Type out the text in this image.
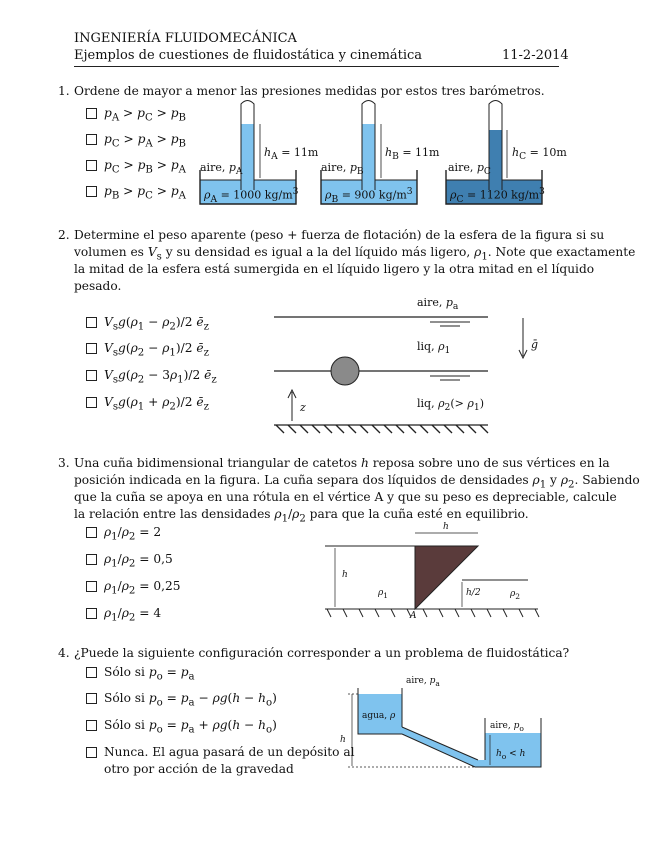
INGENIERÍA FLUIDOMECÁNICA
Ejemplos de cuestiones de fluidostática y cinemática	11-2-2014
1. Ordene de mayor a menor las presiones medidas por estos tres barómetros.
$p_A > p_C > p_B$
$p_C > p_A > p_B$
$p_C > p_B > p_A$
$p_B > p_C > p_A$
aire, $p_A$
$h_A = 11m$
$\rho_A = 1000$ $kg/m^3$
aire, $p_B$
$h_B = 11m$
$\rho_B = 900$ $kg/m^3$
aire, $p_C$
$h_C = 10m$
$\rho_C = 1120$ $kg/m^3$
2. Determine el peso aparente (peso + fuerza de flotación) de la esfera de la figura si su
volumen es $V_s$ y su densidad es igual a la del líquido más ligero, $\rho_1$. Note que exactamente
la mitad de la esfera está sumergida en el líquido ligero y la otra mitad en el líquido
pesado.
$V_sg(\rho_1 - \rho_2)/2$ $ē_z$
$V_sg(\rho_2 - \rho_1)/2$ $ē_z$
$V_sg(\rho_2 - 3\rho_1)/2$ $ē_z$
$V_sg(\rho_1 + \rho_2)/2$ $ē_z$
aire, $p_a$
liq, $\rho_1$
liq, $\rho_2(> \rho_1)$
ḡ
z
3. Una cuña bidimensional triangular de catetos h reposa sobre uno de sus vértices en la
posición indicada en la figura. La cuña separa dos líquidos de densidades $\rho_1$ y $\rho_2$. Sabiendo
que la cuña se apoya en una rótula en el vértice A y que su peso es depreciable, calcule
la relación entre las densidades $\rho_1/\rho_2$ para que la cuña esté en equilibrio.
$\rho_1/\rho_2 = 2$
$\rho_1/\rho_2 = 0,5$
$\rho_1/\rho_2 = 0,25$
$\rho_1/\rho_2 = 4$
h
h
h/2
$\rho_1$	$\rho_2$
A
4. ¿Puede la siguiente configuración corresponder a un problema de fluidostática?
Sólo si $p_o = p_a$
Sólo si $p_o = p_a - \rho g(h - h_o)$
Sólo si $p_o = p_a + \rho g(h - h_o)$
Nunca. El agua pasará de un depósito al
otro por acción de la gravedad
aire, $p_a$
agua, ρ
h
aire, $p_o$
$h_o < h$
